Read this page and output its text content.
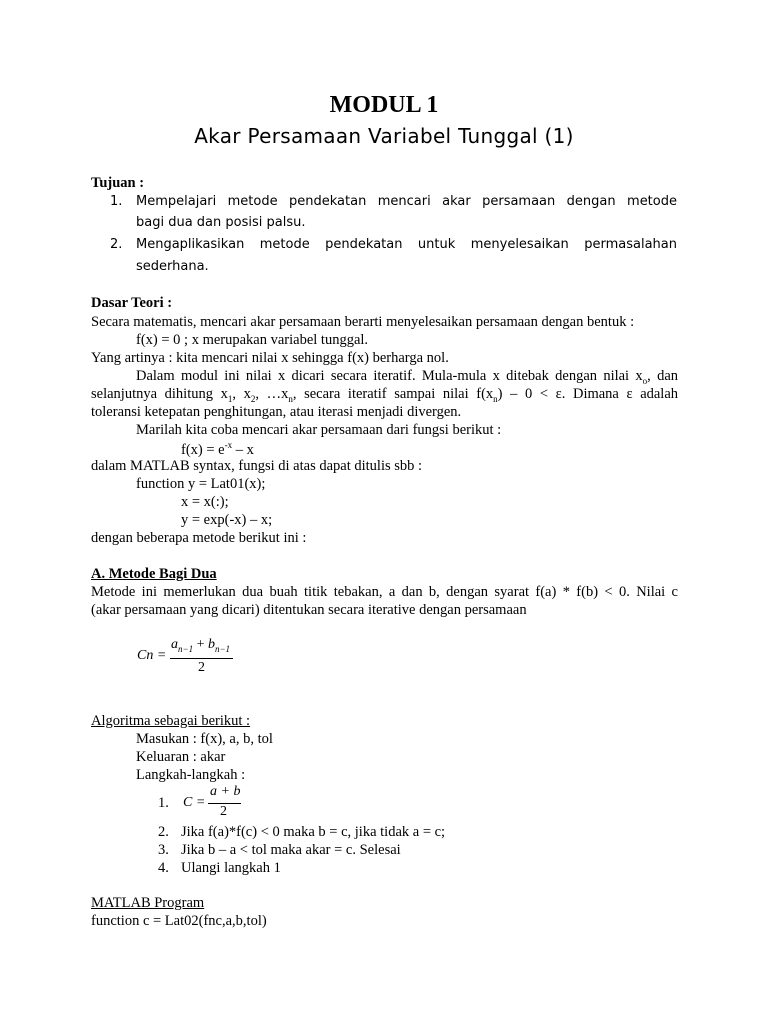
MODUL 1
Akar Persamaan Variabel Tunggal (1)
Tujuan :
1. Mempelajari metode pendekatan mencari akar persamaan dengan metode
bagi dua dan posisi palsu.
2. Mengaplikasikan metode pendekatan untuk menyelesaikan permasalahan
sederhana.
Dasar Teori :
Secara matematis, mencari akar persamaan berarti menyelesaikan persamaan dengan bentuk :
f(x) = 0 ; x merupakan variabel tunggal.
Yang artinya : kita mencari nilai x sehingga f(x) berharga nol.
Dalam modul ini nilai x dicari secara iteratif. Mula-mula x ditebak dengan nilai $x_o$, dan
selanjutnya dihitung $x_1$, $x_2$, $\dots x_n$, secara iteratif sampai nilai $f(x_n) - 0 < \varepsilon$. Dimana ε adalah
toleransi ketepatan penghitungan, atau iterasi menjadi divergen.
Marilah kita coba mencari akar persamaan dari fungsi berikut :
$f(x) = e^{-x} - x$
dalam MATLAB syntax, fungsi di atas dapat ditulis sbb :
function y = Lat01(x);
x = x(:);
y = exp(-x) – x;
dengan beberapa metode berikut ini :
A. Metode Bagi Dua
Metode ini memerlukan dua buah titik tebakan, a dan b, dengan syarat f(a) * f(b) < 0. Nilai c
(akar persamaan yang dicari) ditentukan secara iterative dengan persamaan
Cn =
$a_{n-1} + b_{n-1}$
2
Algoritma sebagai berikut :
Masukan : f(x), a, b, tol
Keluaran : akar
Langkah-langkah :
1. C =
a + b
2
2. Jika f(a)*f(c) < 0 maka b = c, jika tidak a = c;
3. Jika b – a < tol maka akar = c. Selesai
4. Ulangi langkah 1
MATLAB Program
function c = Lat02(fnc,a,b,tol)
